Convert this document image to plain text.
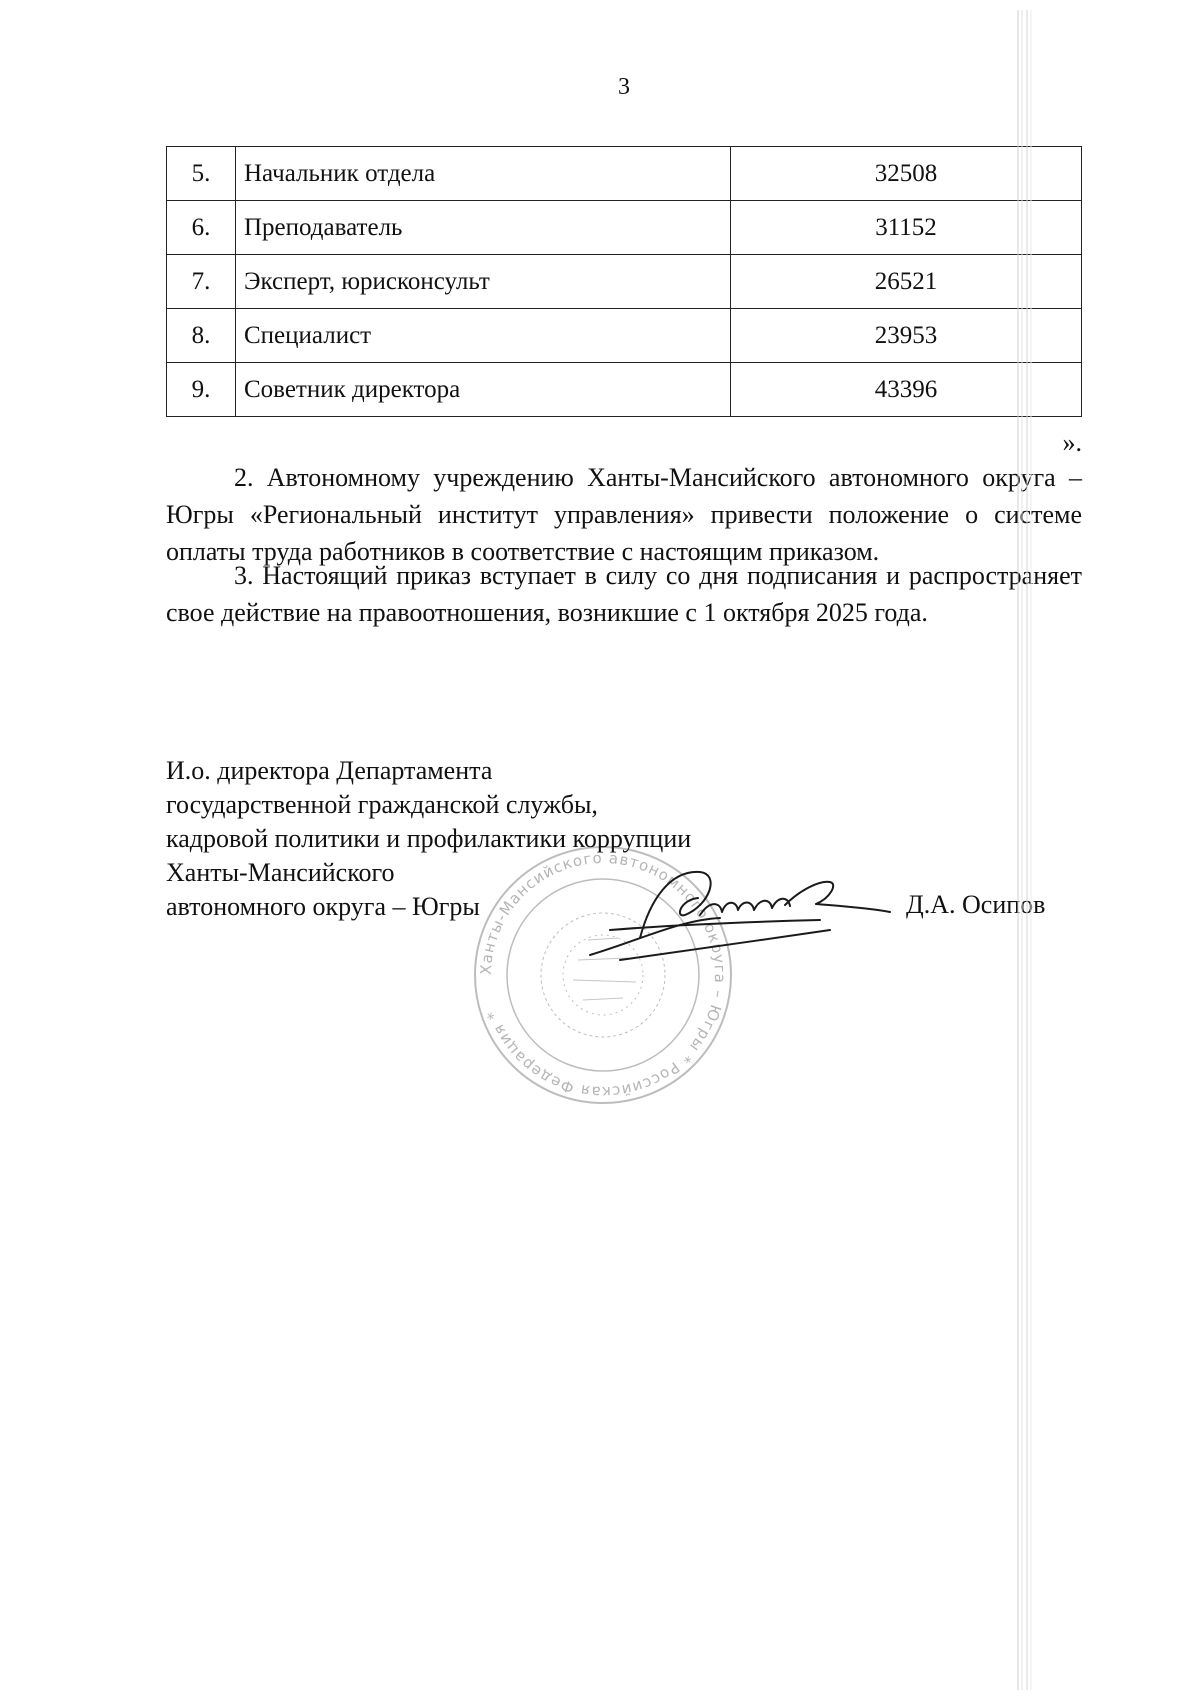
3
5.	Начальник отдела	32508
6.	Преподаватель	31152
7.	Эксперт, юрисконсульт	26521
8.	Специалист	23953
9.	Советник директора	43396
».
2. Автономному учреждению Ханты-Мансийского автономного округа – Югры «Региональный институт управления» привести положение о системе оплаты труда работников в соответствие с настоящим приказом.
3. Настоящий приказ вступает в силу со дня подписания и распространяет свое действие на правоотношения, возникшие с 1 октября 2025 года.
Ханты-Мансийского автономного округа – Югры * Российская Федерация *
И.о. директора Департамента
государственной гражданской службы,
кадровой политики и профилактики коррупции
Ханты-Мансийского
автономного округа – Югры	Д.А. Осипов
